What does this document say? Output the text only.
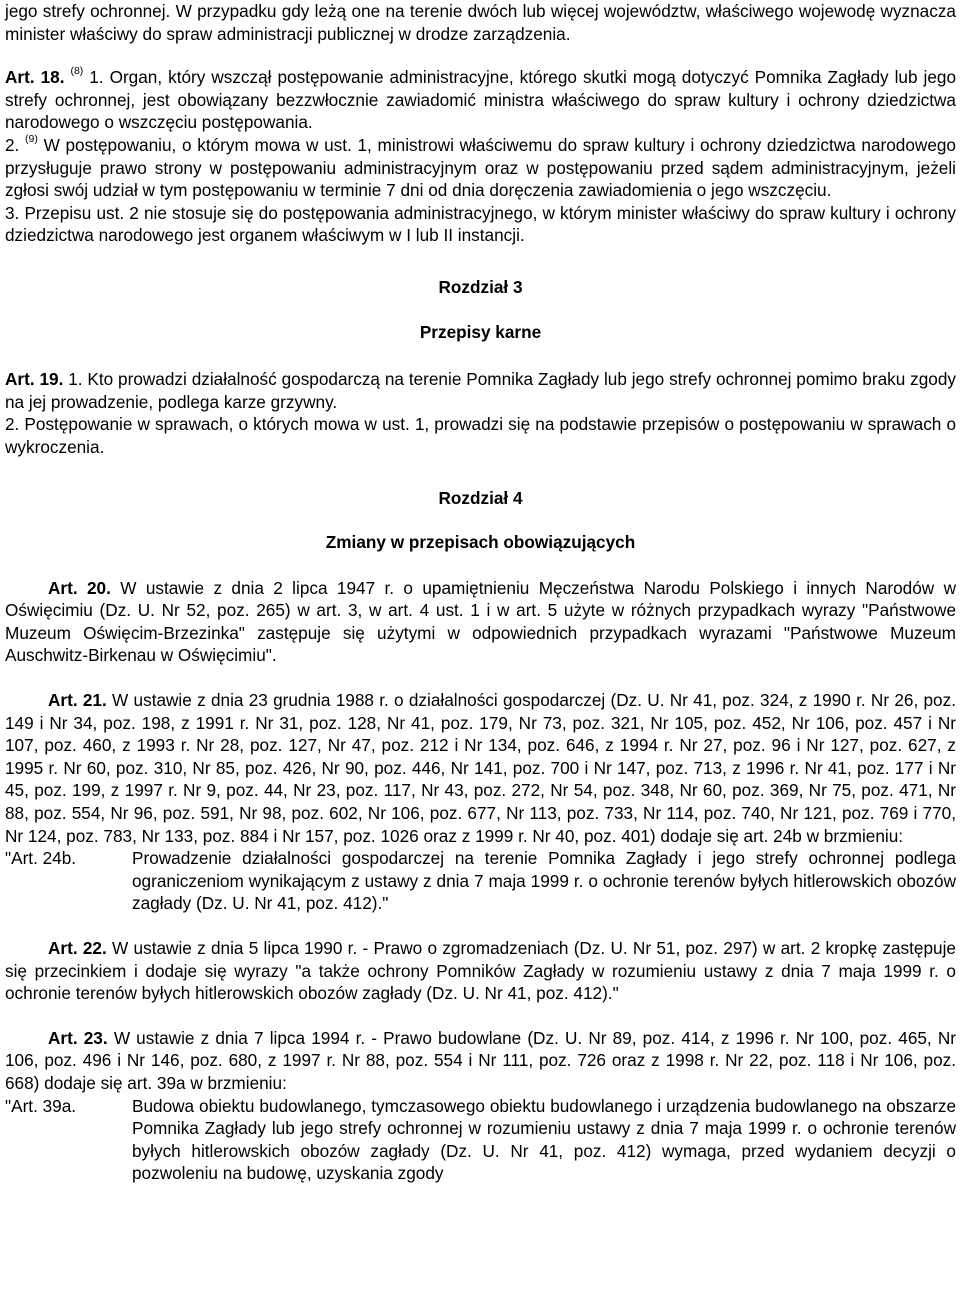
jego strefy ochronnej. W przypadku gdy leżą one na terenie dwóch lub więcej województw, właściwego wojewodę wyznacza minister właściwy do spraw administracji publicznej w drodze zarządzenia.

Art. 18. $^{(8)}$ 1. Organ, który wszczął postępowanie administracyjne, którego skutki mogą dotyczyć Pomnika Zagłady lub jego strefy ochronnej, jest obowiązany bezzwłocznie zawiadomić ministra właściwego do spraw kultury i ochrony dziedzictwa narodowego o wszczęciu postępowania.

2. $^{(9)}$ W postępowaniu, o którym mowa w ust. 1, ministrowi właściwemu do spraw kultury i ochrony dziedzictwa narodowego przysługuje prawo strony w postępowaniu administracyjnym oraz w postępowaniu przed sądem administracyjnym, jeżeli zgłosi swój udział w tym postępowaniu w terminie 7 dni od dnia doręczenia zawiadomienia o jego wszczęciu.

3. Przepisu ust. 2 nie stosuje się do postępowania administracyjnego, w którym minister właściwy do spraw kultury i ochrony dziedzictwa narodowego jest organem właściwym w I lub II instancji.

Rozdział 3

Przepisy karne

Art. 19. 1. Kto prowadzi działalność gospodarczą na terenie Pomnika Zagłady lub jego strefy ochronnej pomimo braku zgody na jej prowadzenie, podlega karze grzywny.

2. Postępowanie w sprawach, o których mowa w ust. 1, prowadzi się na podstawie przepisów o postępowaniu w sprawach o wykroczenia.

Rozdział 4

Zmiany w przepisach obowiązujących

Art. 20. W ustawie z dnia 2 lipca 1947 r. o upamiętnieniu Męczeństwa Narodu Polskiego i innych Narodów w Oświęcimiu (Dz. U. Nr 52, poz. 265) w art. 3, w art. 4 ust. 1 i w art. 5 użyte w różnych przypadkach wyrazy "Państwowe Muzeum Oświęcim-Brzezinka" zastępuje się użytymi w odpowiednich przypadkach wyrazami "Państwowe Muzeum Auschwitz-Birkenau w Oświęcimiu".

Art. 21. W ustawie z dnia 23 grudnia 1988 r. o działalności gospodarczej (Dz. U. Nr 41, poz. 324, z 1990 r. Nr 26, poz. 149 i Nr 34, poz. 198, z 1991 r. Nr 31, poz. 128, Nr 41, poz. 179, Nr 73, poz. 321, Nr 105, poz. 452, Nr 106, poz. 457 i Nr 107, poz. 460, z 1993 r. Nr 28, poz. 127, Nr 47, poz. 212 i Nr 134, poz. 646, z 1994 r. Nr 27, poz. 96 i Nr 127, poz. 627, z 1995 r. Nr 60, poz. 310, Nr 85, poz. 426, Nr 90, poz. 446, Nr 141, poz. 700 i Nr 147, poz. 713, z 1996 r. Nr 41, poz. 177 i Nr 45, poz. 199, z 1997 r. Nr 9, poz. 44, Nr 23, poz. 117, Nr 43, poz. 272, Nr 54, poz. 348, Nr 60, poz. 369, Nr 75, poz. 471, Nr 88, poz. 554, Nr 96, poz. 591, Nr 98, poz. 602, Nr 106, poz. 677, Nr 113, poz. 733, Nr 114, poz. 740, Nr 121, poz. 769 i 770, Nr 124, poz. 783, Nr 133, poz. 884 i Nr 157, poz. 1026 oraz z 1999 r. Nr 40, poz. 401) dodaje się art. 24b w brzmieniu:

"Art. 24b.	Prowadzenie działalności gospodarczej na terenie Pomnika Zagłady i jego strefy ochronnej podlega ograniczeniom wynikającym z ustawy z dnia 7 maja 1999 r. o ochronie terenów byłych hitlerowskich obozów zagłady (Dz. U. Nr 41, poz. 412)."

Art. 22. W ustawie z dnia 5 lipca 1990 r. - Prawo o zgromadzeniach (Dz. U. Nr 51, poz. 297) w art. 2 kropkę zastępuje się przecinkiem i dodaje się wyrazy "a także ochrony Pomników Zagłady w rozumieniu ustawy z dnia 7 maja 1999 r. o ochronie terenów byłych hitlerowskich obozów zagłady (Dz. U. Nr 41, poz. 412)."

Art. 23. W ustawie z dnia 7 lipca 1994 r. - Prawo budowlane (Dz. U. Nr 89, poz. 414, z 1996 r. Nr 100, poz. 465, Nr 106, poz. 496 i Nr 146, poz. 680, z 1997 r. Nr 88, poz. 554 i Nr 111, poz. 726 oraz z 1998 r. Nr 22, poz. 118 i Nr 106, poz. 668) dodaje się art. 39a w brzmieniu:

"Art. 39a.	Budowa obiektu budowlanego, tymczasowego obiektu budowlanego i urządzenia budowlanego na obszarze Pomnika Zagłady lub jego strefy ochronnej w rozumieniu ustawy z dnia 7 maja 1999 r. o ochronie terenów byłych hitlerowskich obozów zagłady (Dz. U. Nr 41, poz. 412) wymaga, przed wydaniem decyzji o pozwoleniu na budowę, uzyskania zgody
